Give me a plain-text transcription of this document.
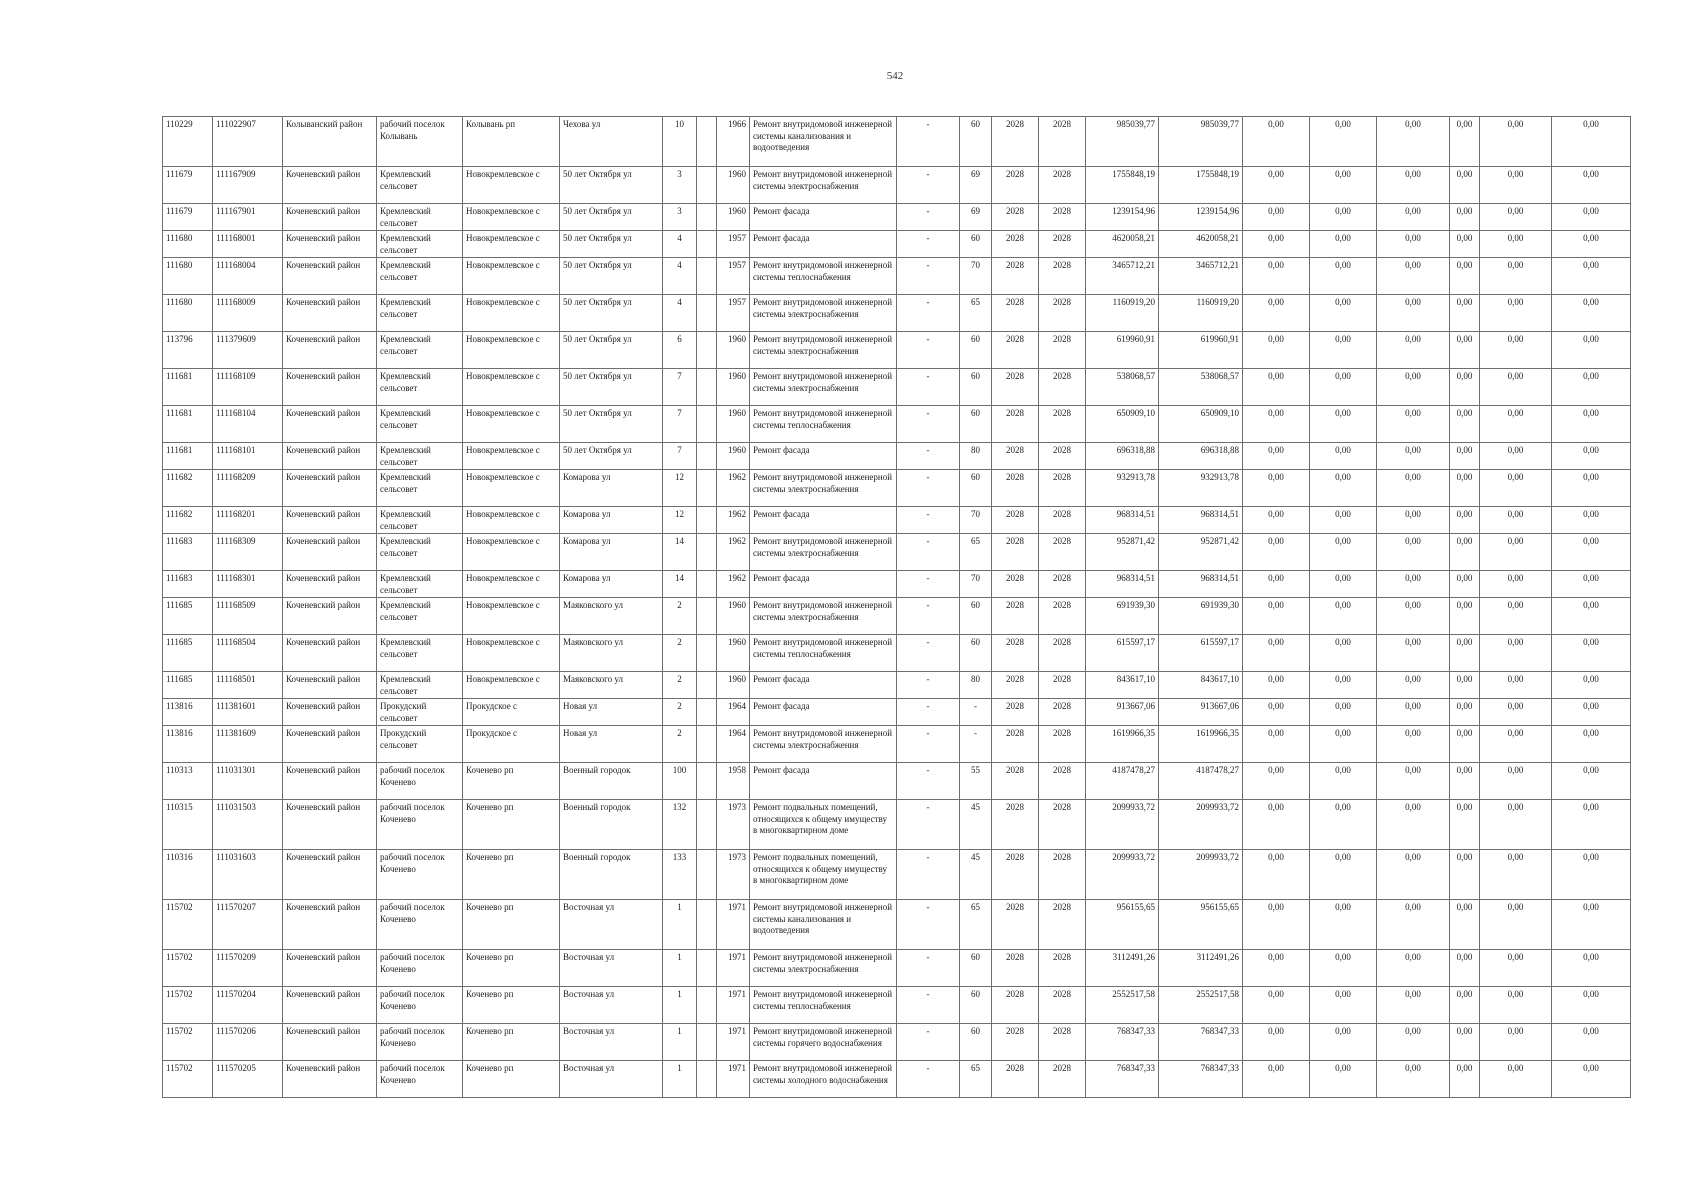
542
110229	111022907	Колыванский район	рабочий поселок Колывань	Колывань рп	Чехова ул	10		1966	Ремонт внутридомовой инженерной системы канализования и водоотведения	-	60	2028	2028	985039,77	985039,77	0,00	0,00	0,00	0,00	0,00	0,00
111679	111167909	Коченевский район	Кремлевский сельсовет	Новокремлевское с	50 лет Октября ул	3		1960	Ремонт внутридомовой инженерной системы электроснабжения	-	69	2028	2028	1755848,19	1755848,19	0,00	0,00	0,00	0,00	0,00	0,00
111679	111167901	Коченевский район	Кремлевский сельсовет	Новокремлевское с	50 лет Октября ул	3		1960	Ремонт фасада	-	69	2028	2028	1239154,96	1239154,96	0,00	0,00	0,00	0,00	0,00	0,00
111680	111168001	Коченевский район	Кремлевский сельсовет	Новокремлевское с	50 лет Октября ул	4		1957	Ремонт фасада	-	60	2028	2028	4620058,21	4620058,21	0,00	0,00	0,00	0,00	0,00	0,00
111680	111168004	Коченевский район	Кремлевский сельсовет	Новокремлевское с	50 лет Октября ул	4		1957	Ремонт внутридомовой инженерной системы теплоснабжения	-	70	2028	2028	3465712,21	3465712,21	0,00	0,00	0,00	0,00	0,00	0,00
111680	111168009	Коченевский район	Кремлевский сельсовет	Новокремлевское с	50 лет Октября ул	4		1957	Ремонт внутридомовой инженерной системы электроснабжения	-	65	2028	2028	1160919,20	1160919,20	0,00	0,00	0,00	0,00	0,00	0,00
113796	111379609	Коченевский район	Кремлевский сельсовет	Новокремлевское с	50 лет Октября ул	6		1960	Ремонт внутридомовой инженерной системы электроснабжения	-	60	2028	2028	619960,91	619960,91	0,00	0,00	0,00	0,00	0,00	0,00
111681	111168109	Коченевский район	Кремлевский сельсовет	Новокремлевское с	50 лет Октября ул	7		1960	Ремонт внутридомовой инженерной системы электроснабжения	-	60	2028	2028	538068,57	538068,57	0,00	0,00	0,00	0,00	0,00	0,00
111681	111168104	Коченевский район	Кремлевский сельсовет	Новокремлевское с	50 лет Октября ул	7		1960	Ремонт внутридомовой инженерной системы теплоснабжения	-	60	2028	2028	650909,10	650909,10	0,00	0,00	0,00	0,00	0,00	0,00
111681	111168101	Коченевский район	Кремлевский сельсовет	Новокремлевское с	50 лет Октября ул	7		1960	Ремонт фасада	-	80	2028	2028	696318,88	696318,88	0,00	0,00	0,00	0,00	0,00	0,00
111682	111168209	Коченевский район	Кремлевский сельсовет	Новокремлевское с	Комарова ул	12		1962	Ремонт внутридомовой инженерной системы электроснабжения	-	60	2028	2028	932913,78	932913,78	0,00	0,00	0,00	0,00	0,00	0,00
111682	111168201	Коченевский район	Кремлевский сельсовет	Новокремлевское с	Комарова ул	12		1962	Ремонт фасада	-	70	2028	2028	968314,51	968314,51	0,00	0,00	0,00	0,00	0,00	0,00
111683	111168309	Коченевский район	Кремлевский сельсовет	Новокремлевское с	Комарова ул	14		1962	Ремонт внутридомовой инженерной системы электроснабжения	-	65	2028	2028	952871,42	952871,42	0,00	0,00	0,00	0,00	0,00	0,00
111683	111168301	Коченевский район	Кремлевский сельсовет	Новокремлевское с	Комарова ул	14		1962	Ремонт фасада	-	70	2028	2028	968314,51	968314,51	0,00	0,00	0,00	0,00	0,00	0,00
111685	111168509	Коченевский район	Кремлевский сельсовет	Новокремлевское с	Маяковского ул	2		1960	Ремонт внутридомовой инженерной системы электроснабжения	-	60	2028	2028	691939,30	691939,30	0,00	0,00	0,00	0,00	0,00	0,00
111685	111168504	Коченевский район	Кремлевский сельсовет	Новокремлевское с	Маяковского ул	2		1960	Ремонт внутридомовой инженерной системы теплоснабжения	-	60	2028	2028	615597,17	615597,17	0,00	0,00	0,00	0,00	0,00	0,00
111685	111168501	Коченевский район	Кремлевский сельсовет	Новокремлевское с	Маяковского ул	2		1960	Ремонт фасада	-	80	2028	2028	843617,10	843617,10	0,00	0,00	0,00	0,00	0,00	0,00
113816	111381601	Коченевский район	Прокудский сельсовет	Прокудское с	Новая ул	2		1964	Ремонт фасада	-	-	2028	2028	913667,06	913667,06	0,00	0,00	0,00	0,00	0,00	0,00
113816	111381609	Коченевский район	Прокудский сельсовет	Прокудское с	Новая ул	2		1964	Ремонт внутридомовой инженерной системы электроснабжения	-	-	2028	2028	1619966,35	1619966,35	0,00	0,00	0,00	0,00	0,00	0,00
110313	111031301	Коченевский район	рабочий поселок Коченево	Коченево рп	Военный городок	100		1958	Ремонт фасада	-	55	2028	2028	4187478,27	4187478,27	0,00	0,00	0,00	0,00	0,00	0,00
110315	111031503	Коченевский район	рабочий поселок Коченево	Коченево рп	Военный городок	132		1973	Ремонт подвальных помещений, относящихся к общему имуществу в многоквартирном доме	-	45	2028	2028	2099933,72	2099933,72	0,00	0,00	0,00	0,00	0,00	0,00
110316	111031603	Коченевский район	рабочий поселок Коченево	Коченево рп	Военный городок	133		1973	Ремонт подвальных помещений, относящихся к общему имуществу в многоквартирном доме	-	45	2028	2028	2099933,72	2099933,72	0,00	0,00	0,00	0,00	0,00	0,00
115702	111570207	Коченевский район	рабочий поселок Коченево	Коченево рп	Восточная ул	1		1971	Ремонт внутридомовой инженерной системы канализования и водоотведения	-	65	2028	2028	956155,65	956155,65	0,00	0,00	0,00	0,00	0,00	0,00
115702	111570209	Коченевский район	рабочий поселок Коченево	Коченево рп	Восточная ул	1		1971	Ремонт внутридомовой инженерной системы электроснабжения	-	60	2028	2028	3112491,26	3112491,26	0,00	0,00	0,00	0,00	0,00	0,00
115702	111570204	Коченевский район	рабочий поселок Коченево	Коченево рп	Восточная ул	1		1971	Ремонт внутридомовой инженерной системы теплоснабжения	-	60	2028	2028	2552517,58	2552517,58	0,00	0,00	0,00	0,00	0,00	0,00
115702	111570206	Коченевский район	рабочий поселок Коченево	Коченево рп	Восточная ул	1		1971	Ремонт внутридомовой инженерной системы горячего водоснабжения	-	60	2028	2028	768347,33	768347,33	0,00	0,00	0,00	0,00	0,00	0,00
115702	111570205	Коченевский район	рабочий поселок Коченево	Коченево рп	Восточная ул	1		1971	Ремонт внутридомовой инженерной системы холодного водоснабжения	-	65	2028	2028	768347,33	768347,33	0,00	0,00	0,00	0,00	0,00	0,00
